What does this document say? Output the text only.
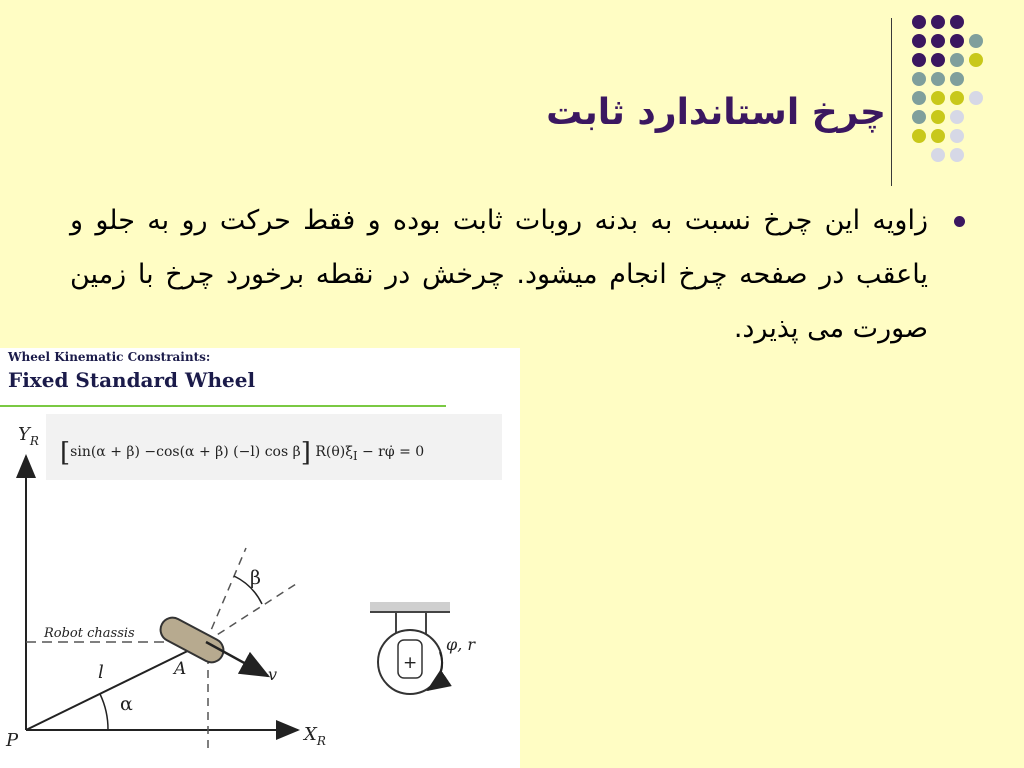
چرخ استاندارد ثابت
زاویه این چرخ نسبت به بدنه روبات ثابت بوده و فقط حرکت رو به جلو و یاعقب در صفحه چرخ انجام میشود. چرخش در نقطه برخورد چرخ با زمین صورت می پذیرد.
Wheel Kinematic Constraints:
Fixed Standard Wheel
[sin(α + β) −cos(α + β) (−l) cos β] $R(\theta)\xi̇_I$ − rφ̇ = 0
$Y_R$
$X_R$
P
Robot chassis
l
α
β
v
A	+
φ, r
